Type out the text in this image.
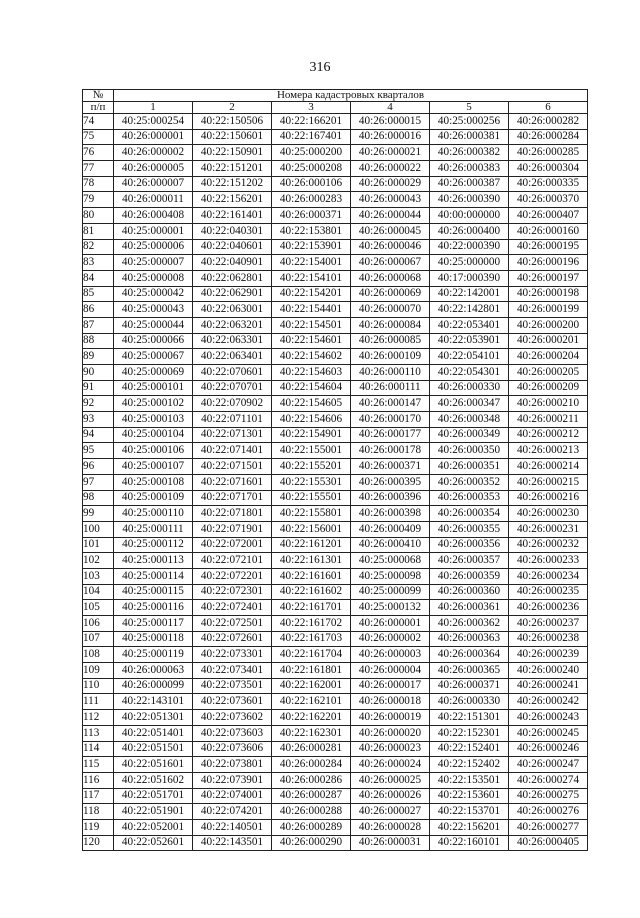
316
№	Номера кадастровых кварталов					
п/п	1	2	3	4	5	6
74	40:25:000254	40:22:150506	40:22:166201	40:26:000015	40:25:000256	40:26:000282
75	40:26:000001	40:22:150601	40:22:167401	40:26:000016	40:26:000381	40:26:000284
76	40:26:000002	40:22:150901	40:25:000200	40:26:000021	40:26:000382	40:26:000285
77	40:26:000005	40:22:151201	40:25:000208	40:26:000022	40:26:000383	40:26:000304
78	40:26:000007	40:22:151202	40:26:000106	40:26:000029	40:26:000387	40:26:000335
79	40:26:000011	40:22:156201	40:26:000283	40:26:000043	40:26:000390	40:26:000370
80	40:26:000408	40:22:161401	40:26:000371	40:26:000044	40:00:000000	40:26:000407
81	40:25:000001	40:22:040301	40:22:153801	40:26:000045	40:26:000400	40:26:000160
82	40:25:000006	40:22:040601	40:22:153901	40:26:000046	40:22:000390	40:26:000195
83	40:25:000007	40:22:040901	40:22:154001	40:26:000067	40:25:000000	40:26:000196
84	40:25:000008	40:22:062801	40:22:154101	40:26:000068	40:17:000390	40:26:000197
85	40:25:000042	40:22:062901	40:22:154201	40:26:000069	40:22:142001	40:26:000198
86	40:25:000043	40:22:063001	40:22:154401	40:26:000070	40:22:142801	40:26:000199
87	40:25:000044	40:22:063201	40:22:154501	40:26:000084	40:22:053401	40:26:000200
88	40:25:000066	40:22:063301	40:22:154601	40:26:000085	40:22:053901	40:26:000201
89	40:25:000067	40:22:063401	40:22:154602	40:26:000109	40:22:054101	40:26:000204
90	40:25:000069	40:22:070601	40:22:154603	40:26:000110	40:22:054301	40:26:000205
91	40:25:000101	40:22:070701	40:22:154604	40:26:000111	40:26:000330	40:26:000209
92	40:25:000102	40:22:070902	40:22:154605	40:26:000147	40:26:000347	40:26:000210
93	40:25:000103	40:22:071101	40:22:154606	40:26:000170	40:26:000348	40:26:000211
94	40:25:000104	40:22:071301	40:22:154901	40:26:000177	40:26:000349	40:26:000212
95	40:25:000106	40:22:071401	40:22:155001	40:26:000178	40:26:000350	40:26:000213
96	40:25:000107	40:22:071501	40:22:155201	40:26:000371	40:26:000351	40:26:000214
97	40:25:000108	40:22:071601	40:22:155301	40:26:000395	40:26:000352	40:26:000215
98	40:25:000109	40:22:071701	40:22:155501	40:26:000396	40:26:000353	40:26:000216
99	40:25:000110	40:22:071801	40:22:155801	40:26:000398	40:26:000354	40:26:000230
100	40:25:000111	40:22:071901	40:22:156001	40:26:000409	40:26:000355	40:26:000231
101	40:25:000112	40:22:072001	40:22:161201	40:26:000410	40:26:000356	40:26:000232
102	40:25:000113	40:22:072101	40:22:161301	40:25:000068	40:26:000357	40:26:000233
103	40:25:000114	40:22:072201	40:22:161601	40:25:000098	40:26:000359	40:26:000234
104	40:25:000115	40:22:072301	40:22:161602	40:25:000099	40:26:000360	40:26:000235
105	40:25:000116	40:22:072401	40:22:161701	40:25:000132	40:26:000361	40:26:000236
106	40:25:000117	40:22:072501	40:22:161702	40:26:000001	40:26:000362	40:26:000237
107	40:25:000118	40:22:072601	40:22:161703	40:26:000002	40:26:000363	40:26:000238
108	40:25:000119	40:22:073301	40:22:161704	40:26:000003	40:26:000364	40:26:000239
109	40:26:000063	40:22:073401	40:22:161801	40:26:000004	40:26:000365	40:26:000240
110	40:26:000099	40:22:073501	40:22:162001	40:26:000017	40:26:000371	40:26:000241
111	40:22:143101	40:22:073601	40:22:162101	40:26:000018	40:26:000330	40:26:000242
112	40:22:051301	40:22:073602	40:22:162201	40:26:000019	40:22:151301	40:26:000243
113	40:22:051401	40:22:073603	40:22:162301	40:26:000020	40:22:152301	40:26:000245
114	40:22:051501	40:22:073606	40:26:000281	40:26:000023	40:22:152401	40:26:000246
115	40:22:051601	40:22:073801	40:26:000284	40:26:000024	40:22:152402	40:26:000247
116	40:22:051602	40:22:073901	40:26:000286	40:26:000025	40:22:153501	40:26:000274
117	40:22:051701	40:22:074001	40:26:000287	40:26:000026	40:22:153601	40:26:000275
118	40:22:051901	40:22:074201	40:26:000288	40:26:000027	40:22:153701	40:26:000276
119	40:22:052001	40:22:140501	40:26:000289	40:26:000028	40:22:156201	40:26:000277
120	40:22:052601	40:22:143501	40:26:000290	40:26:000031	40:22:160101	40:26:000405
